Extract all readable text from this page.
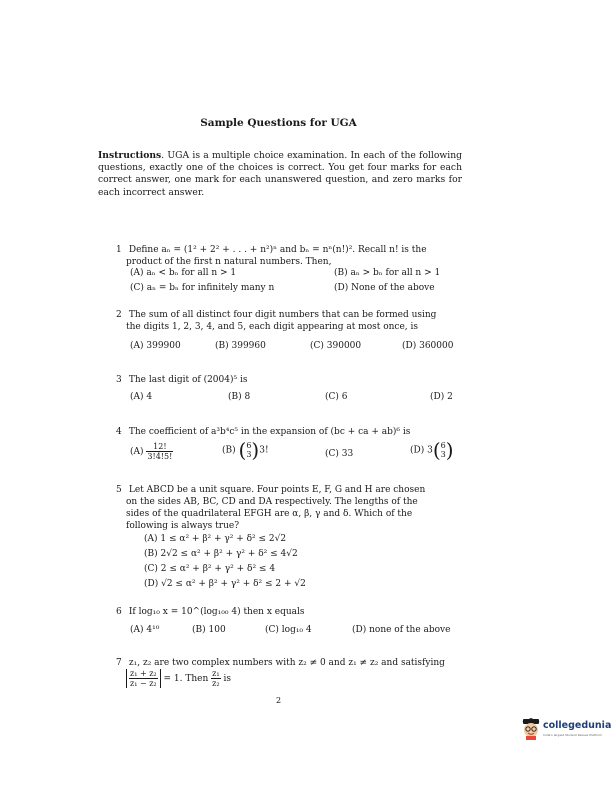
Sample Questions for UGA
Instructions. UGA is a multiple choice examination. In each of the following questions, exactly one of the choices is correct. You get four marks for each correct answer, one mark for each unanswered question, and zero marks for each incorrect answer.
1 Define aₙ = (1² + 2² + . . . + n²)ⁿ and bₙ = nⁿ(n!)². Recall n! is the
product of the first n natural numbers. Then,
(A) aₙ < bₙ for all n > 1	(B) aₙ > bₙ for all n > 1
(C) aₙ = bₙ for infinitely many n	(D) None of the above
2 The sum of all distinct four digit numbers that can be formed using
the digits 1, 2, 3, 4, and 5, each digit appearing at most once, is
(A) 399900	(B) 399960	(C) 390000	(D) 360000
3 The last digit of (2004)⁵ is
(A) 4	(B) 8	(C) 6	(D) 2
4 The coefficient of a³b⁴c⁵ in the expansion of (bc + ca + ab)⁶ is
$(A) \frac{12!}{3!4!5!}$	(B) ( 6
3 )3!	(C) 33	(D) 3( 6
3 )
5 Let ABCD be a unit square. Four points E, F, G and H are chosen
on the sides AB, BC, CD and DA respectively. The lengths of the
sides of the quadrilateral EFGH are α, β, γ and δ. Which of the
following is always true?
(A) 1 ≤ α² + β² + γ² + δ² ≤ 2√2
(B) 2√2 ≤ α² + β² + γ² + δ² ≤ 4√2
(C) 2 ≤ α² + β² + γ² + δ² ≤ 4
(D) √2 ≤ α² + β² + γ² + δ² ≤ 2 + √2
6 If log₁₀ x = 10^(log₁₀₀ 4) then x equals
(A) 4¹⁰	(B) 100	(C) log₁₀ 4	(D) none of the above
7 z₁, z₂ are two complex numbers with z₂ ≠ 0 and z₁ ≠ z₂ and satisfying
$\frac{\text{z₁ + z₂}}{\text{z₁ − z₂}} = 1$. Then $\frac{\text{z₁}}{\text{z₂}}$ is
2
collegedunia
India's largest Student Review Platform
